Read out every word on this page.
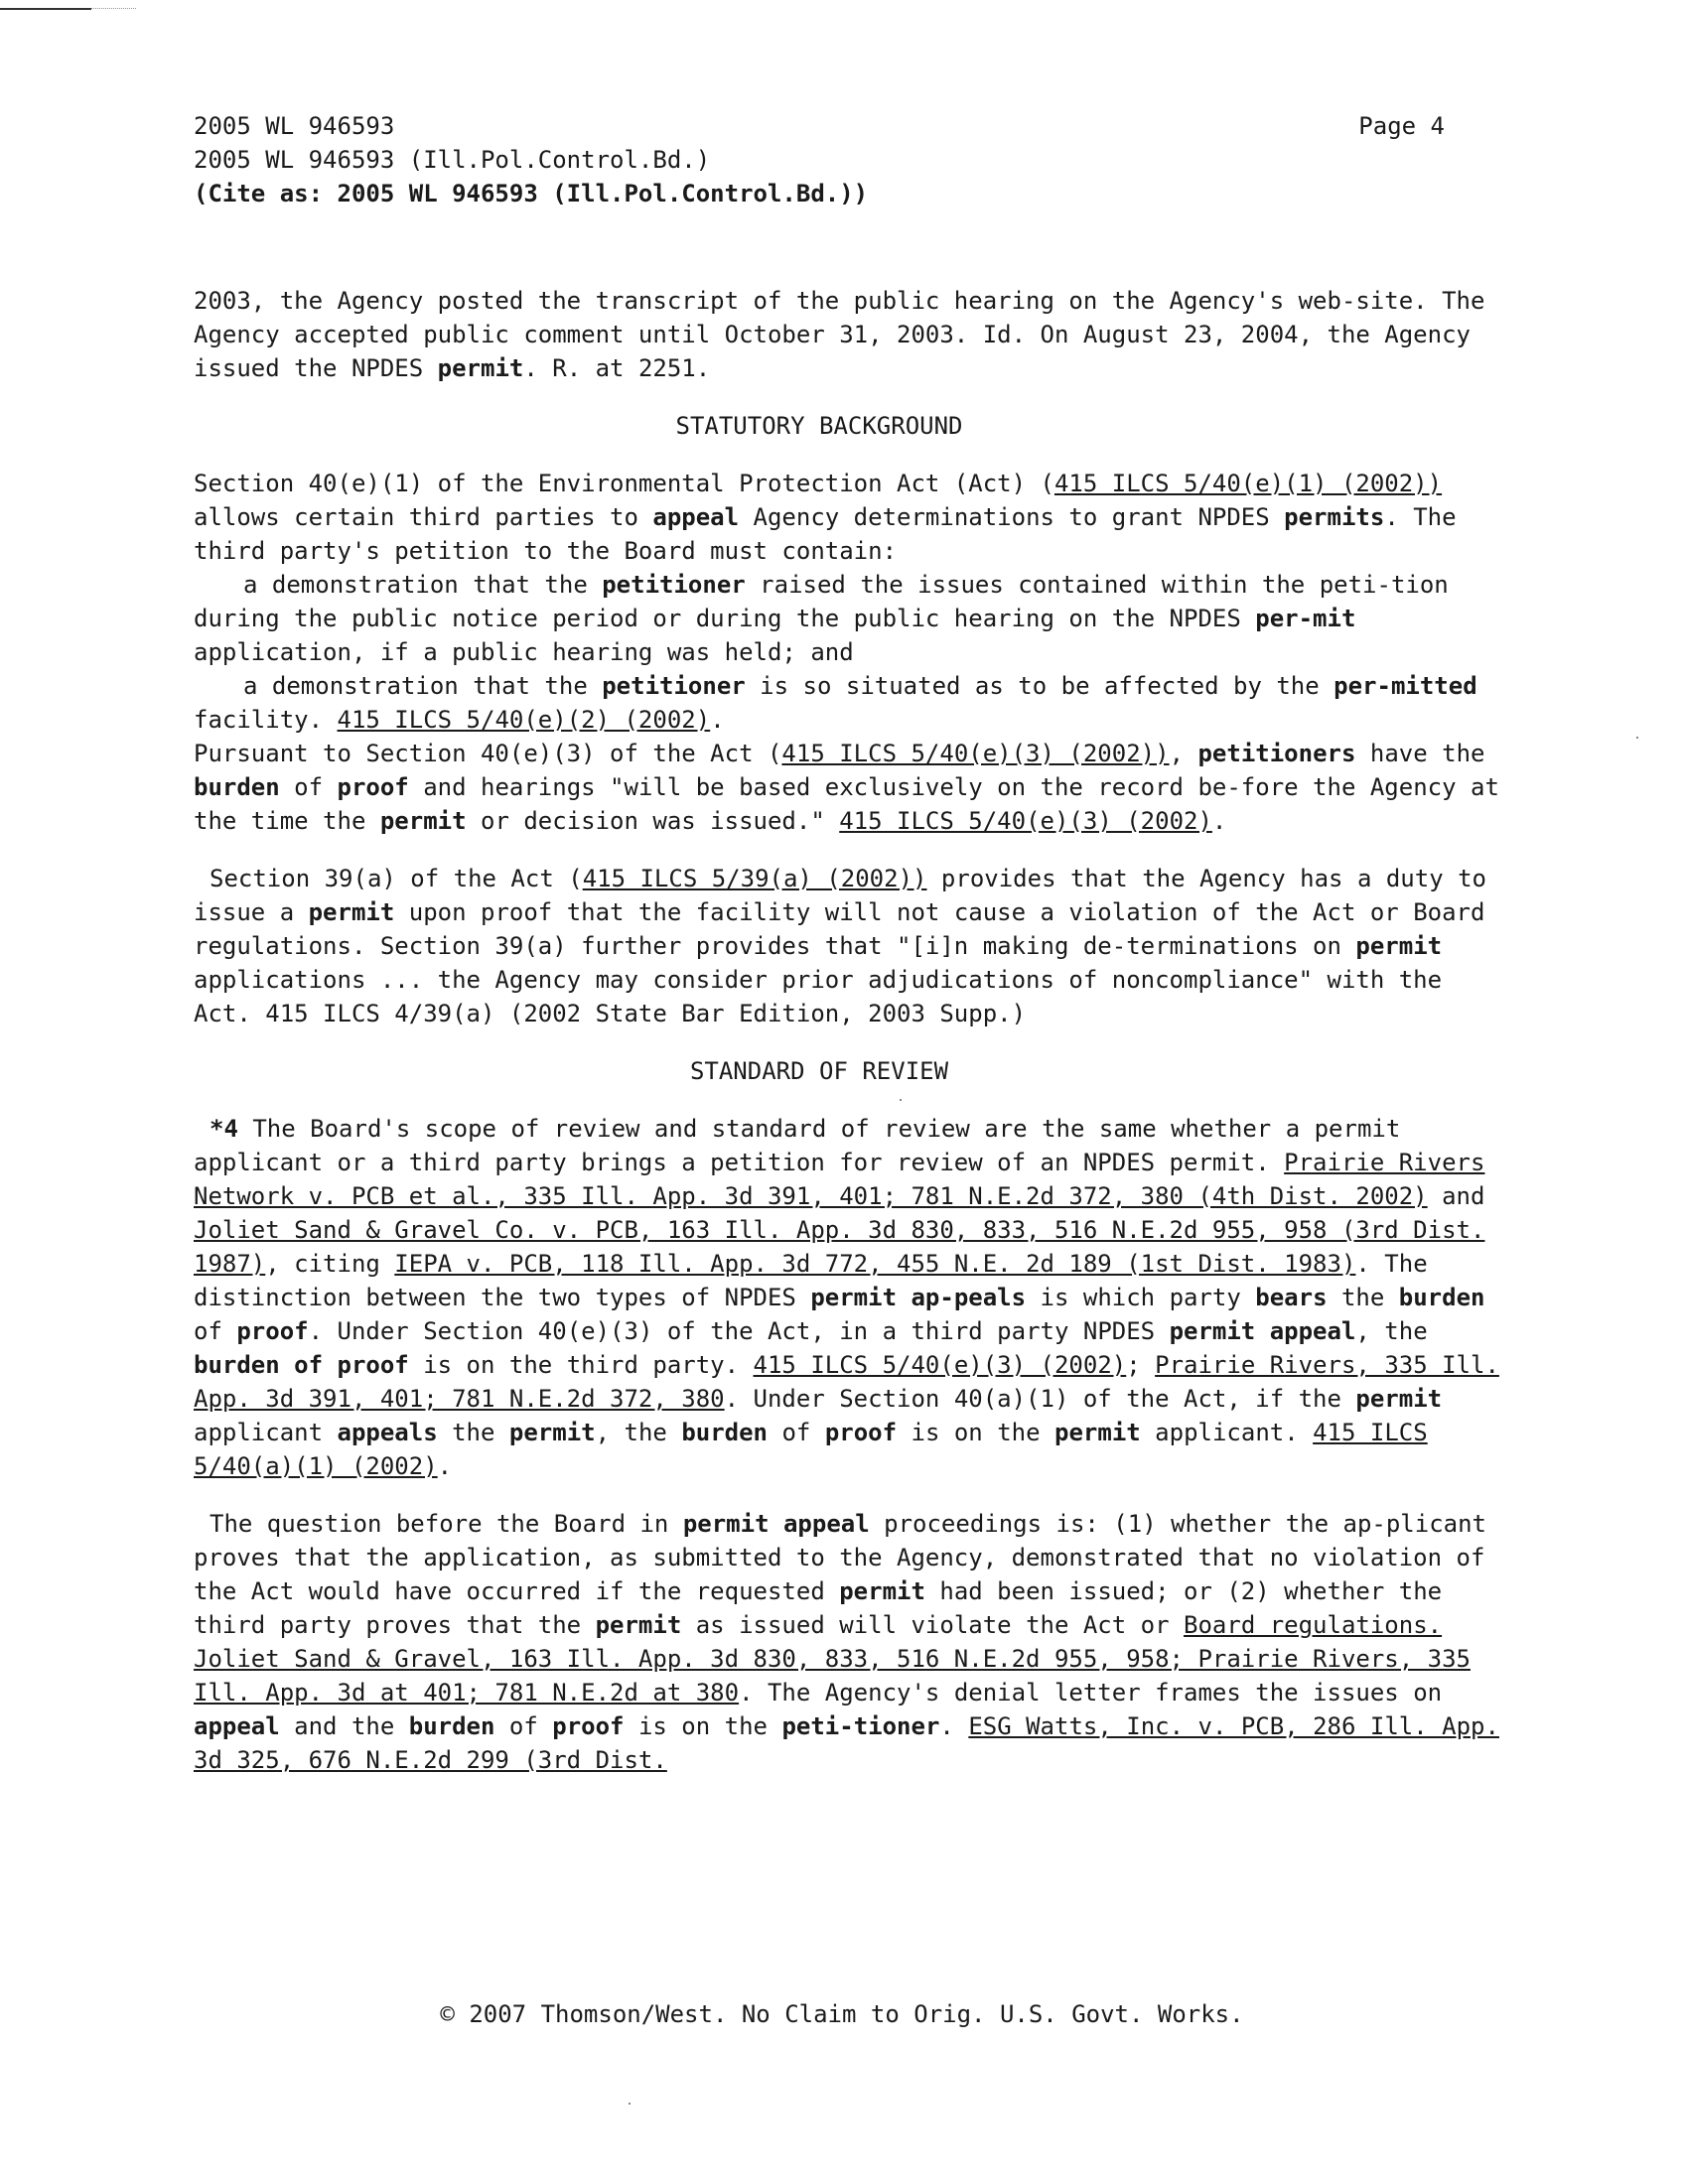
Page 4
2005 WL 946593
2005 WL 946593 (Ill.Pol.Control.Bd.)
(Cite as: 2005 WL 946593 (Ill.Pol.Control.Bd.))

2003, the Agency posted the transcript of the public hearing on the Agency's web-site. The Agency accepted public comment until October 31, 2003. Id. On August 23, 2004, the Agency issued the NPDES permit. R. at 2251.

STATUTORY BACKGROUND

Section 40(e)(1) of the Environmental Protection Act (Act) (415 ILCS 5/40(e)(1) (2002)) allows certain third parties to appeal Agency determinations to grant NPDES permits. The third party's petition to the Board must contain:

a demonstration that the petitioner raised the issues contained within the peti-tion during the public notice period or during the public hearing on the NPDES per-mit application, if a public hearing was held; and

a demonstration that the petitioner is so situated as to be affected by the per-mitted facility. 415 ILCS 5/40(e)(2) (2002).

Pursuant to Section 40(e)(3) of the Act (415 ILCS 5/40(e)(3) (2002)), petitioners have the burden of proof and hearings "will be based exclusively on the record be-fore the Agency at the time the permit or decision was issued." 415 ILCS 5/40(e)(3) (2002).

Section 39(a) of the Act (415 ILCS 5/39(a) (2002)) provides that the Agency has a duty to issue a permit upon proof that the facility will not cause a violation of the Act or Board regulations. Section 39(a) further provides that "[i]n making de-terminations on permit applications ... the Agency may consider prior adjudications of noncompliance" with the Act. 415 ILCS 4/39(a) (2002 State Bar Edition, 2003 Supp.)

STANDARD OF REVIEW

*4 The Board's scope of review and standard of review are the same whether a permit applicant or a third party brings a petition for review of an NPDES permit. Prairie Rivers Network v. PCB et al., 335 Ill. App. 3d 391, 401; 781 N.E.2d 372, 380 (4th Dist. 2002) and Joliet Sand & Gravel Co. v. PCB, 163 Ill. App. 3d 830, 833, 516 N.E.2d 955, 958 (3rd Dist. 1987), citing IEPA v. PCB, 118 Ill. App. 3d 772, 455 N.E. 2d 189 (1st Dist. 1983). The distinction between the two types of NPDES permit ap-peals is which party bears the burden of proof. Under Section 40(e)(3) of the Act, in a third party NPDES permit appeal, the burden of proof is on the third party. 415 ILCS 5/40(e)(3) (2002); Prairie Rivers, 335 Ill. App. 3d 391, 401; 781 N.E.2d 372, 380. Under Section 40(a)(1) of the Act, if the permit applicant appeals the permit, the burden of proof is on the permit applicant. 415 ILCS 5/40(a)(1) (2002).

The question before the Board in permit appeal proceedings is: (1) whether the ap-plicant proves that the application, as submitted to the Agency, demonstrated that no violation of the Act would have occurred if the requested permit had been issued; or (2) whether the third party proves that the permit as issued will violate the Act or Board regulations. Joliet Sand & Gravel, 163 Ill. App. 3d 830, 833, 516 N.E.2d 955, 958; Prairie Rivers, 335 Ill. App. 3d at 401; 781 N.E.2d at 380. The Agency's denial letter frames the issues on appeal and the burden of proof is on the peti-tioner. ESG Watts, Inc. v. PCB, 286 Ill. App. 3d 325, 676 N.E.2d 299 (3rd Dist.

© 2007 Thomson/West. No Claim to Orig. U.S. Govt. Works.
